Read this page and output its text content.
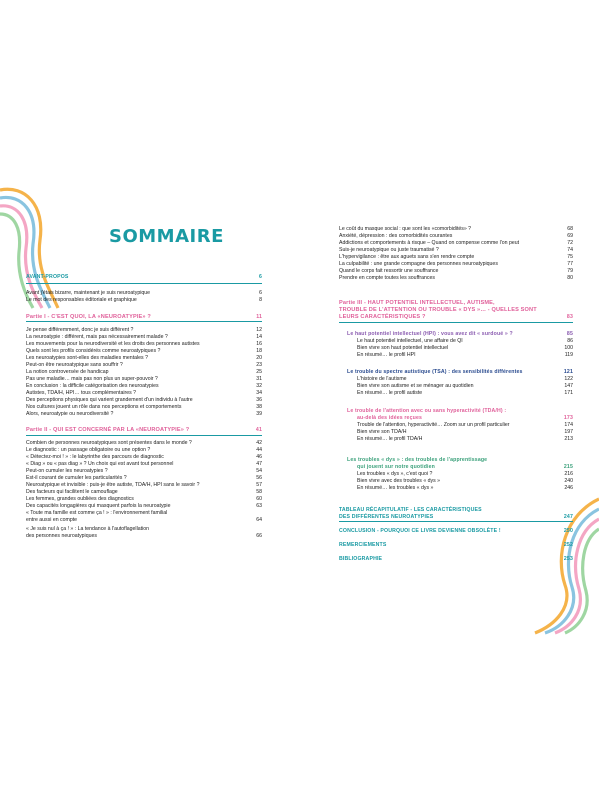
SOMMAIRE
AVANT-PROPOS	6
Avant j'étais bizarre, maintenant je suis neuroatypique	6
Le mot des responsables éditoriale et graphique	8
Partie I - C'EST QUOI, LA «NEUROATYPIE» ?	11
Je pense différemment, donc je suis différent ?	12
La neuroatypie : différent, mais pas nécessairement malade ?	14
Les mouvements pour la neurodiversité et les droits des personnes autistes	16
Quels sont les profils considérés comme neuroatypiques ?	18
Les neuroatypies sont-elles des maladies mentales ?	20
Peut-on être neuroatypique sans souffrir ?	23
La notion controversée de handicap	25
Pas une maladie… mais pas non plus un super-pouvoir ?	31
En conclusion : la difficile catégorisation des neuroatypies	32
Autistes, TDA/H, HPI… tous complémentaires ?	34
Des perceptions physiques qui varient grandement d'un individu à l'autre	36
Nos cultures jouent un rôle dans nos perceptions et comportements	38
Alors, neuroatypie ou neurodiversité ?	39
Partie II - QUI EST CONCERNÉ PAR LA «NEUROATYPIE» ?	41
Combien de personnes neuroatypiques sont présentes dans le monde ?	42
Le diagnostic : un passage obligatoire ou une option ?	44
« Détectez-moi ! » : le labyrinthe des parcours de diagnostic	46
« Diag » ou « pas diag » ? Un choix qui est avant tout personnel	47
Peut-on cumuler les neuroatypies ?	54
Est-il courant de cumuler les particularités ?	56
Neuroatypique et invisible : puis-je être autiste, TDA/H, HPI sans le savoir ?	57
Des facteurs qui facilitent le camouflage	58
Les femmes, grandes oubliées des diagnostics	60
Des capacités longagières qui masquent parfois la neuroatypie	63
« Toute ma famille est comme ça ! » : l'environnement familial
entre aussi en compte	64
« Je suis nul à ça ! » : La tendance à l'autoflagellation
des personnes neuroatypiques	66
Le coût du masque social : que sont les «comorbidités» ?	68
Anxiété, dépression : des comorbidités courantes	69
Addictions et comportements à risque – Quand on compense comme l'on peut	72
Suis-je neuroatypique ou juste traumatisé ?	74
L'hypervigilance : être aux aguets sans s'en rendre compte	75
La culpabilité : une grande compagne des personnes neuroatypiques	77
Quand le corps fait ressortir une souffrance	79
Prendre en compte toutes les souffrances	80
Partie III - HAUT POTENTIEL INTELLECTUEL, AUTISME,
TROUBLE DE L'ATTENTION OU TROUBLE « DYS »… - QUELLES SONT
LEURS CARACTÉRISTIQUES ?	83
Le haut potentiel intellectuel (HPI) : vous avez dit « surdoué » ?	85
Le haut potentiel intellectuel, une affaire de QI	86
Bien vivre son haut potentiel intellectuel	100
En résumé… le profil HPI	119
Le trouble du spectre autistique (TSA) : des sensibilités différentes	121
L'histoire de l'autisme	122
Bien vivre son autisme et se ménager au quotidien	147
En résumé… le profil autiste	171
Le trouble de l'attention avec ou sans hyperactivité (TDA/H) :
au-delà des idées reçues	173
Trouble de l'attention, hyperactivité… Zoom sur un profil particulier	174
Bien vivre son TDA/H	197
En résumé… le profil TDA/H	213
Les troubles « dys » : des troubles de l'apprentissage
qui jouent sur notre quotidien	215
Les troubles « dys », c'est quoi ?	216
Bien vivre avec des troubles « dys »	240
En résumé… les troubles « dys »	246
TABLEAU RÉCAPITULATIF - LES CARACTÉRISTIQUES
DES DIFFÉRENTES NEUROATYPIES	247
CONCLUSION - POURQUOI CE LIVRE DEVIENNE OBSOLÈTE !	250
REMERCIEMENTS	252
BIBLIOGRAPHIE	253
